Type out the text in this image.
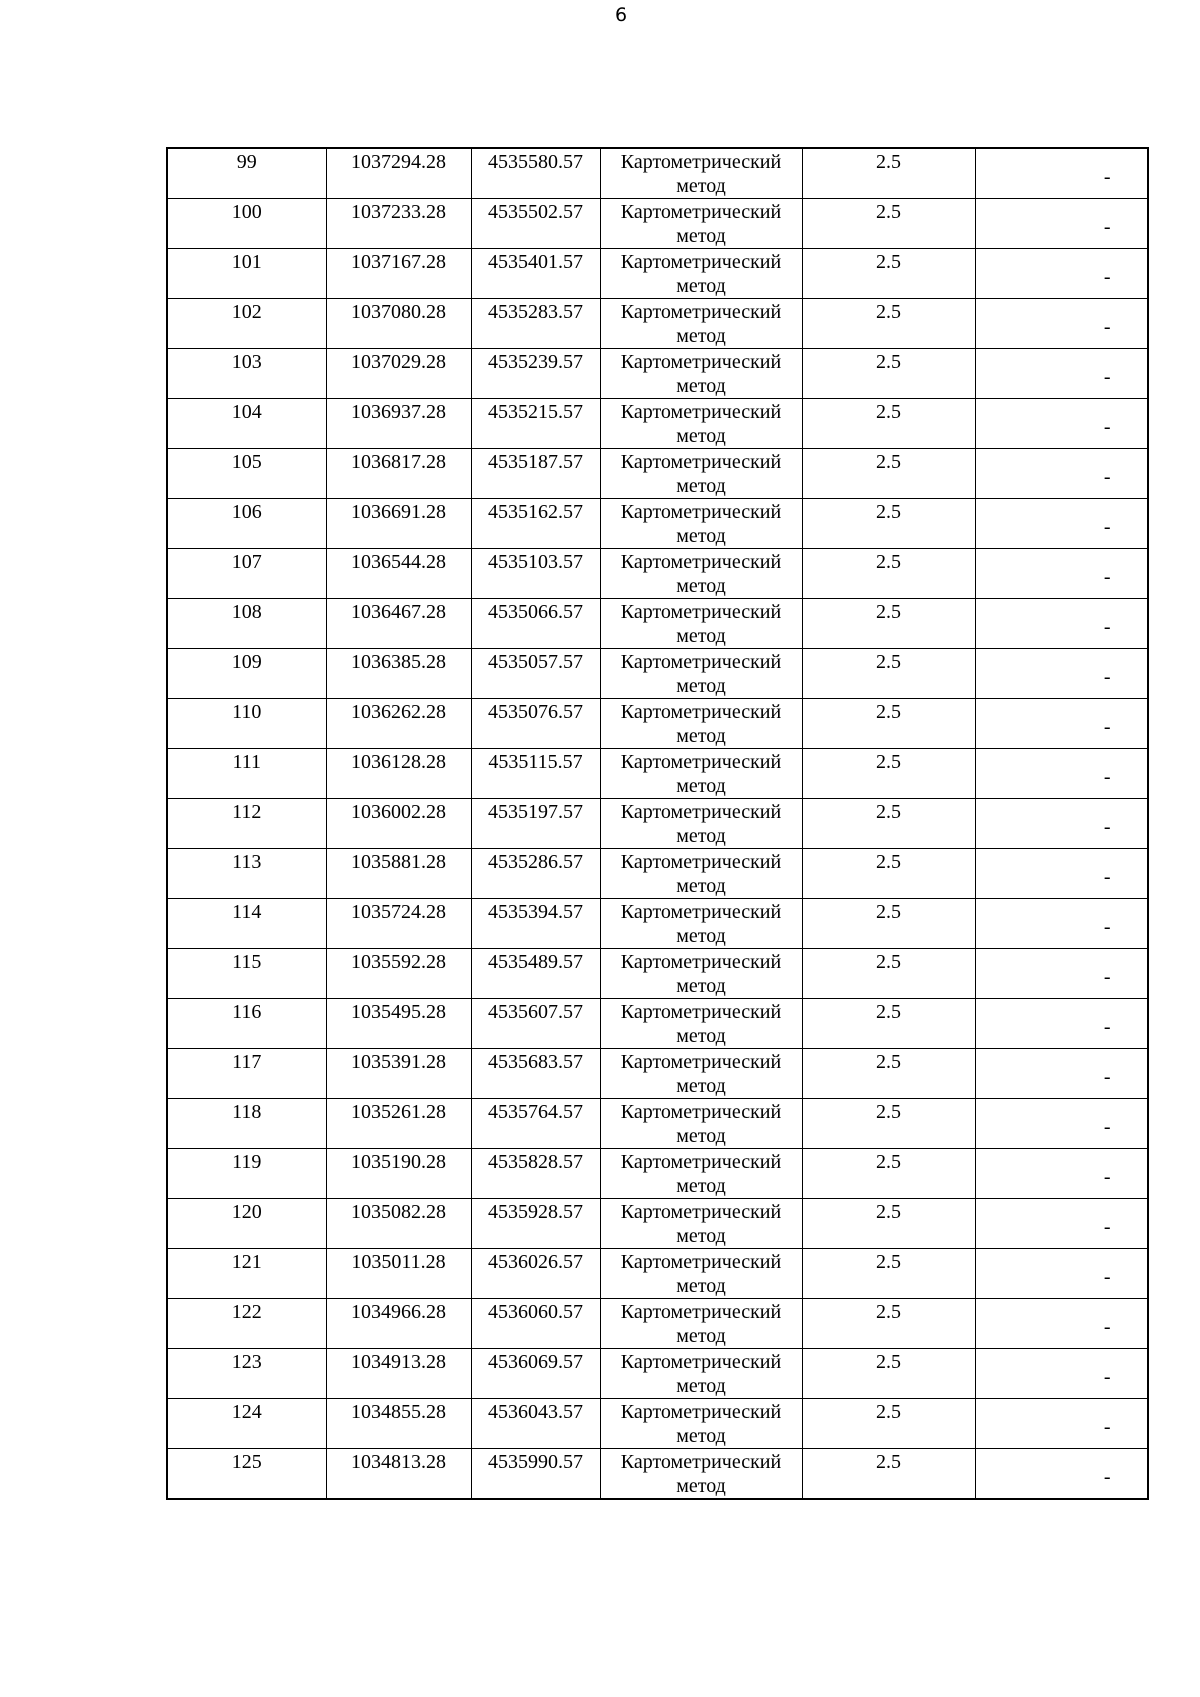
6
99	1037294.28	4535580.57	Картометрический
метод	2.5	-
100	1037233.28	4535502.57	Картометрический
метод	2.5	-
101	1037167.28	4535401.57	Картометрический
метод	2.5	-
102	1037080.28	4535283.57	Картометрический
метод	2.5	-
103	1037029.28	4535239.57	Картометрический
метод	2.5	-
104	1036937.28	4535215.57	Картометрический
метод	2.5	-
105	1036817.28	4535187.57	Картометрический
метод	2.5	-
106	1036691.28	4535162.57	Картометрический
метод	2.5	-
107	1036544.28	4535103.57	Картометрический
метод	2.5	-
108	1036467.28	4535066.57	Картометрический
метод	2.5	-
109	1036385.28	4535057.57	Картометрический
метод	2.5	-
110	1036262.28	4535076.57	Картометрический
метод	2.5	-
111	1036128.28	4535115.57	Картометрический
метод	2.5	-
112	1036002.28	4535197.57	Картометрический
метод	2.5	-
113	1035881.28	4535286.57	Картометрический
метод	2.5	-
114	1035724.28	4535394.57	Картометрический
метод	2.5	-
115	1035592.28	4535489.57	Картометрический
метод	2.5	-
116	1035495.28	4535607.57	Картометрический
метод	2.5	-
117	1035391.28	4535683.57	Картометрический
метод	2.5	-
118	1035261.28	4535764.57	Картометрический
метод	2.5	-
119	1035190.28	4535828.57	Картометрический
метод	2.5	-
120	1035082.28	4535928.57	Картометрический
метод	2.5	-
121	1035011.28	4536026.57	Картометрический
метод	2.5	-
122	1034966.28	4536060.57	Картометрический
метод	2.5	-
123	1034913.28	4536069.57	Картометрический
метод	2.5	-
124	1034855.28	4536043.57	Картометрический
метод	2.5	-
125	1034813.28	4535990.57	Картометрический
метод	2.5	-
